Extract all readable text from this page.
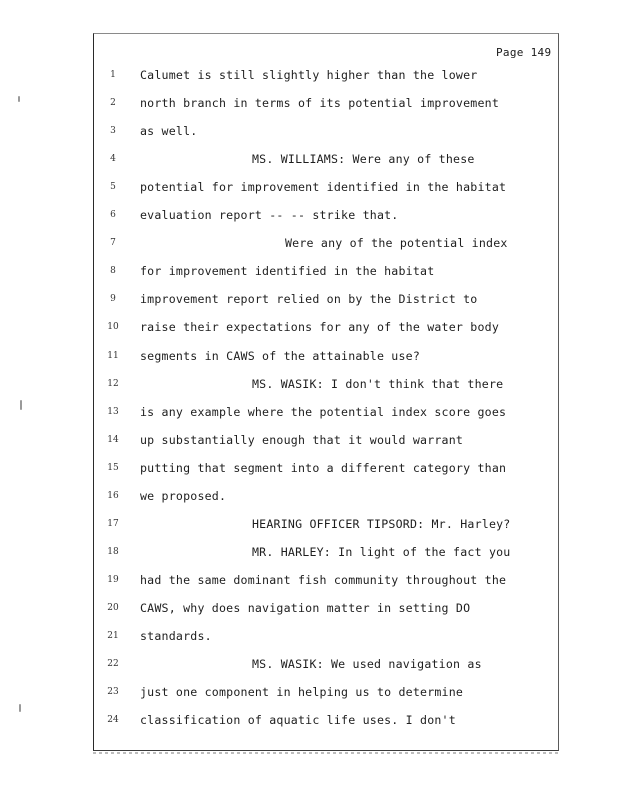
Page 149
1	Calumet is still slightly higher than the lower
2	north branch in terms of its potential improvement
3	as well.
4	MS. WILLIAMS: Were any of these
5	potential for improvement identified in the habitat
6	evaluation report -- -- strike that.
7	Were any of the potential index
8	for improvement identified in the habitat
9	improvement report relied on by the District to
10	raise their expectations for any of the water body
11	segments in CAWS of the attainable use?
12	MS. WASIK: I don't think that there
13	is any example where the potential index score goes
14	up substantially enough that it would warrant
15	putting that segment into a different category than
16	we proposed.
17	HEARING OFFICER TIPSORD: Mr. Harley?
18	MR. HARLEY: In light of the fact you
19	had the same dominant fish community throughout the
20	CAWS, why does navigation matter in setting DO
21	standards.
22	MS. WASIK: We used navigation as
23	just one component in helping us to determine
24	classification of aquatic life uses. I don't
